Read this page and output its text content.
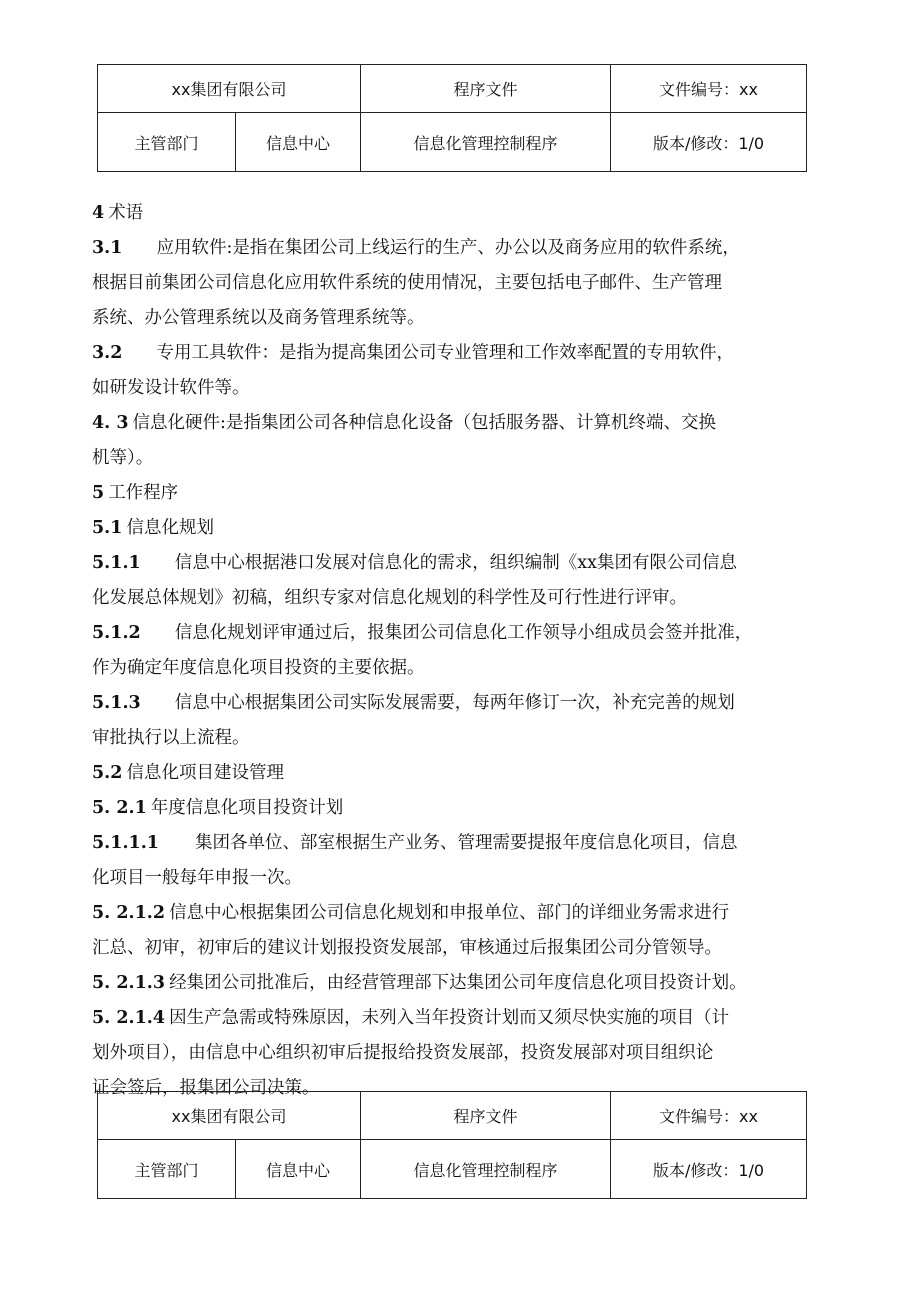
xx集团有限公司		程序文件	文件编号：xx
主管部门	信息中心	信息化管理控制程序	版本/修改：1/0
4 术语
3.1 应用软件:是指在集团公司上线运行的生产、办公以及商务应用的软件系统，
根据目前集团公司信息化应用软件系统的使用情况，主要包括电子邮件、生产管理
系统、办公管理系统以及商务管理系统等。
3.2 专用工具软件：是指为提高集团公司专业管理和工作效率配置的专用软件，
如研发设计软件等。
4. 3 信息化硬件:是指集团公司各种信息化设备（包括服务器、计算机终端、交换
机等）。
5 工作程序
5.1 信息化规划
5.1.1 信息中心根据港口发展对信息化的需求，组织编制《xx集团有限公司信息
化发展总体规划》初稿，组织专家对信息化规划的科学性及可行性进行评审。
5.1.2 信息化规划评审通过后，报集团公司信息化工作领导小组成员会签并批准，
作为确定年度信息化项目投资的主要依据。
5.1.3 信息中心根据集团公司实际发展需要，每两年修订一次，补充完善的规划
审批执行以上流程。
5.2 信息化项目建设管理
5. 2.1 年度信息化项目投资计划
5.1.1.1 集团各单位、部室根据生产业务、管理需要提报年度信息化项目，信息
化项目一般每年申报一次。
5. 2.1.2 信息中心根据集团公司信息化规划和申报单位、部门的详细业务需求进行
汇总、初审，初审后的建议计划报投资发展部，审核通过后报集团公司分管领导。
5. 2.1.3 经集团公司批准后，由经营管理部下达集团公司年度信息化项目投资计划。
5. 2.1.4 因生产急需或特殊原因，未列入当年投资计划而又须尽快实施的项目（计
划外项目），由信息中心组织初审后提报给投资发展部，投资发展部对项目组织论
证会签后，报集团公司决策。
xx集团有限公司		程序文件	文件编号：xx
主管部门	信息中心	信息化管理控制程序	版本/修改：1/0
